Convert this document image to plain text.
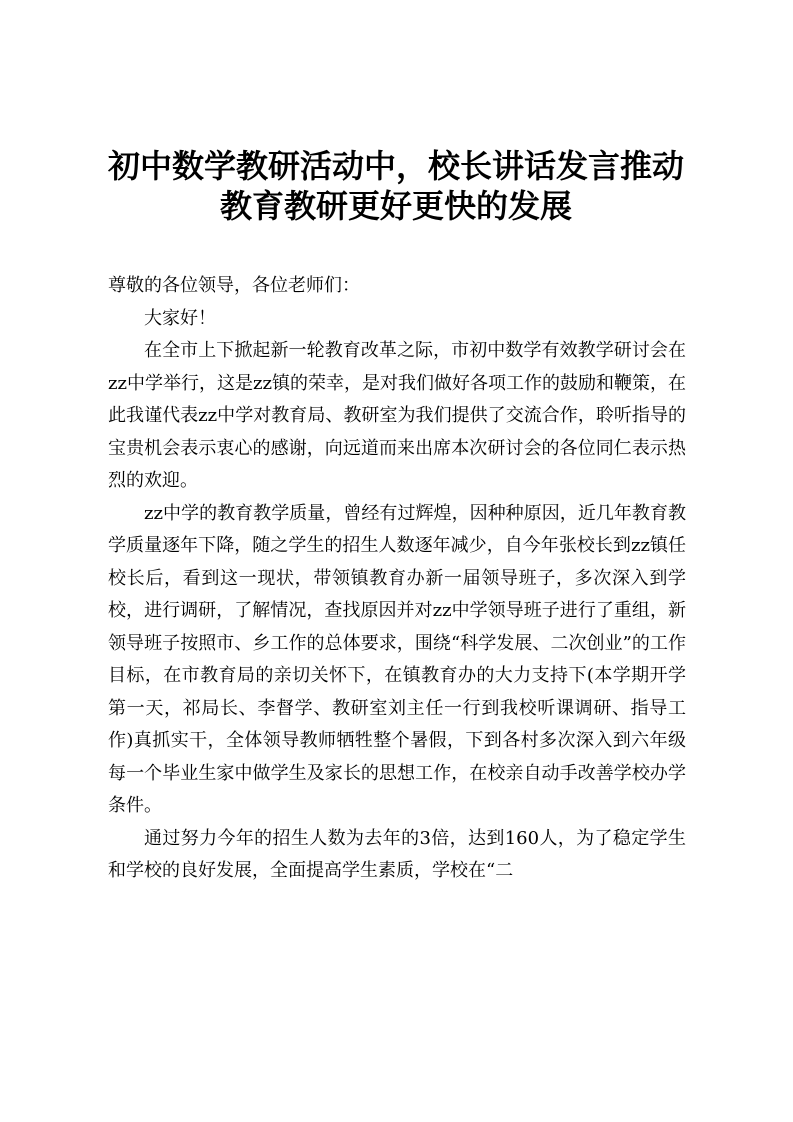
初中数学教研活动中，校长讲话发言推动教育教研更好更快的发展

尊敬的各位领导，各位老师们：

大家好！

在全市上下掀起新一轮教育改革之际，市初中数学有效教学研讨会在zz中学举行，这是zz镇的荣幸，是对我们做好各项工作的鼓励和鞭策，在此我谨代表zz中学对教育局、教研室为我们提供了交流合作，聆听指导的宝贵机会表示衷心的感谢，向远道而来出席本次研讨会的各位同仁表示热烈的欢迎。

zz中学的教育教学质量，曾经有过辉煌，因种种原因，近几年教育教学质量逐年下降，随之学生的招生人数逐年减少，自今年张校长到zz镇任校长后，看到这一现状，带领镇教育办新一届领导班子，多次深入到学校，进行调研，了解情况，查找原因并对zz中学领导班子进行了重组，新领导班子按照市、乡工作的总体要求，围绕“科学发展、二次创业”的工作目标，在市教育局的亲切关怀下，在镇教育办的大力支持下(本学期开学第一天，祁局长、李督学、教研室刘主任一行到我校听课调研、指导工作)真抓实干，全体领导教师牺牲整个暑假，下到各村多次深入到六年级每一个毕业生家中做学生及家长的思想工作，在校亲自动手改善学校办学条件。

通过努力今年的招生人数为去年的3倍，达到160人，为了稳定学生和学校的良好发展，全面提高学生素质，学校在“二
